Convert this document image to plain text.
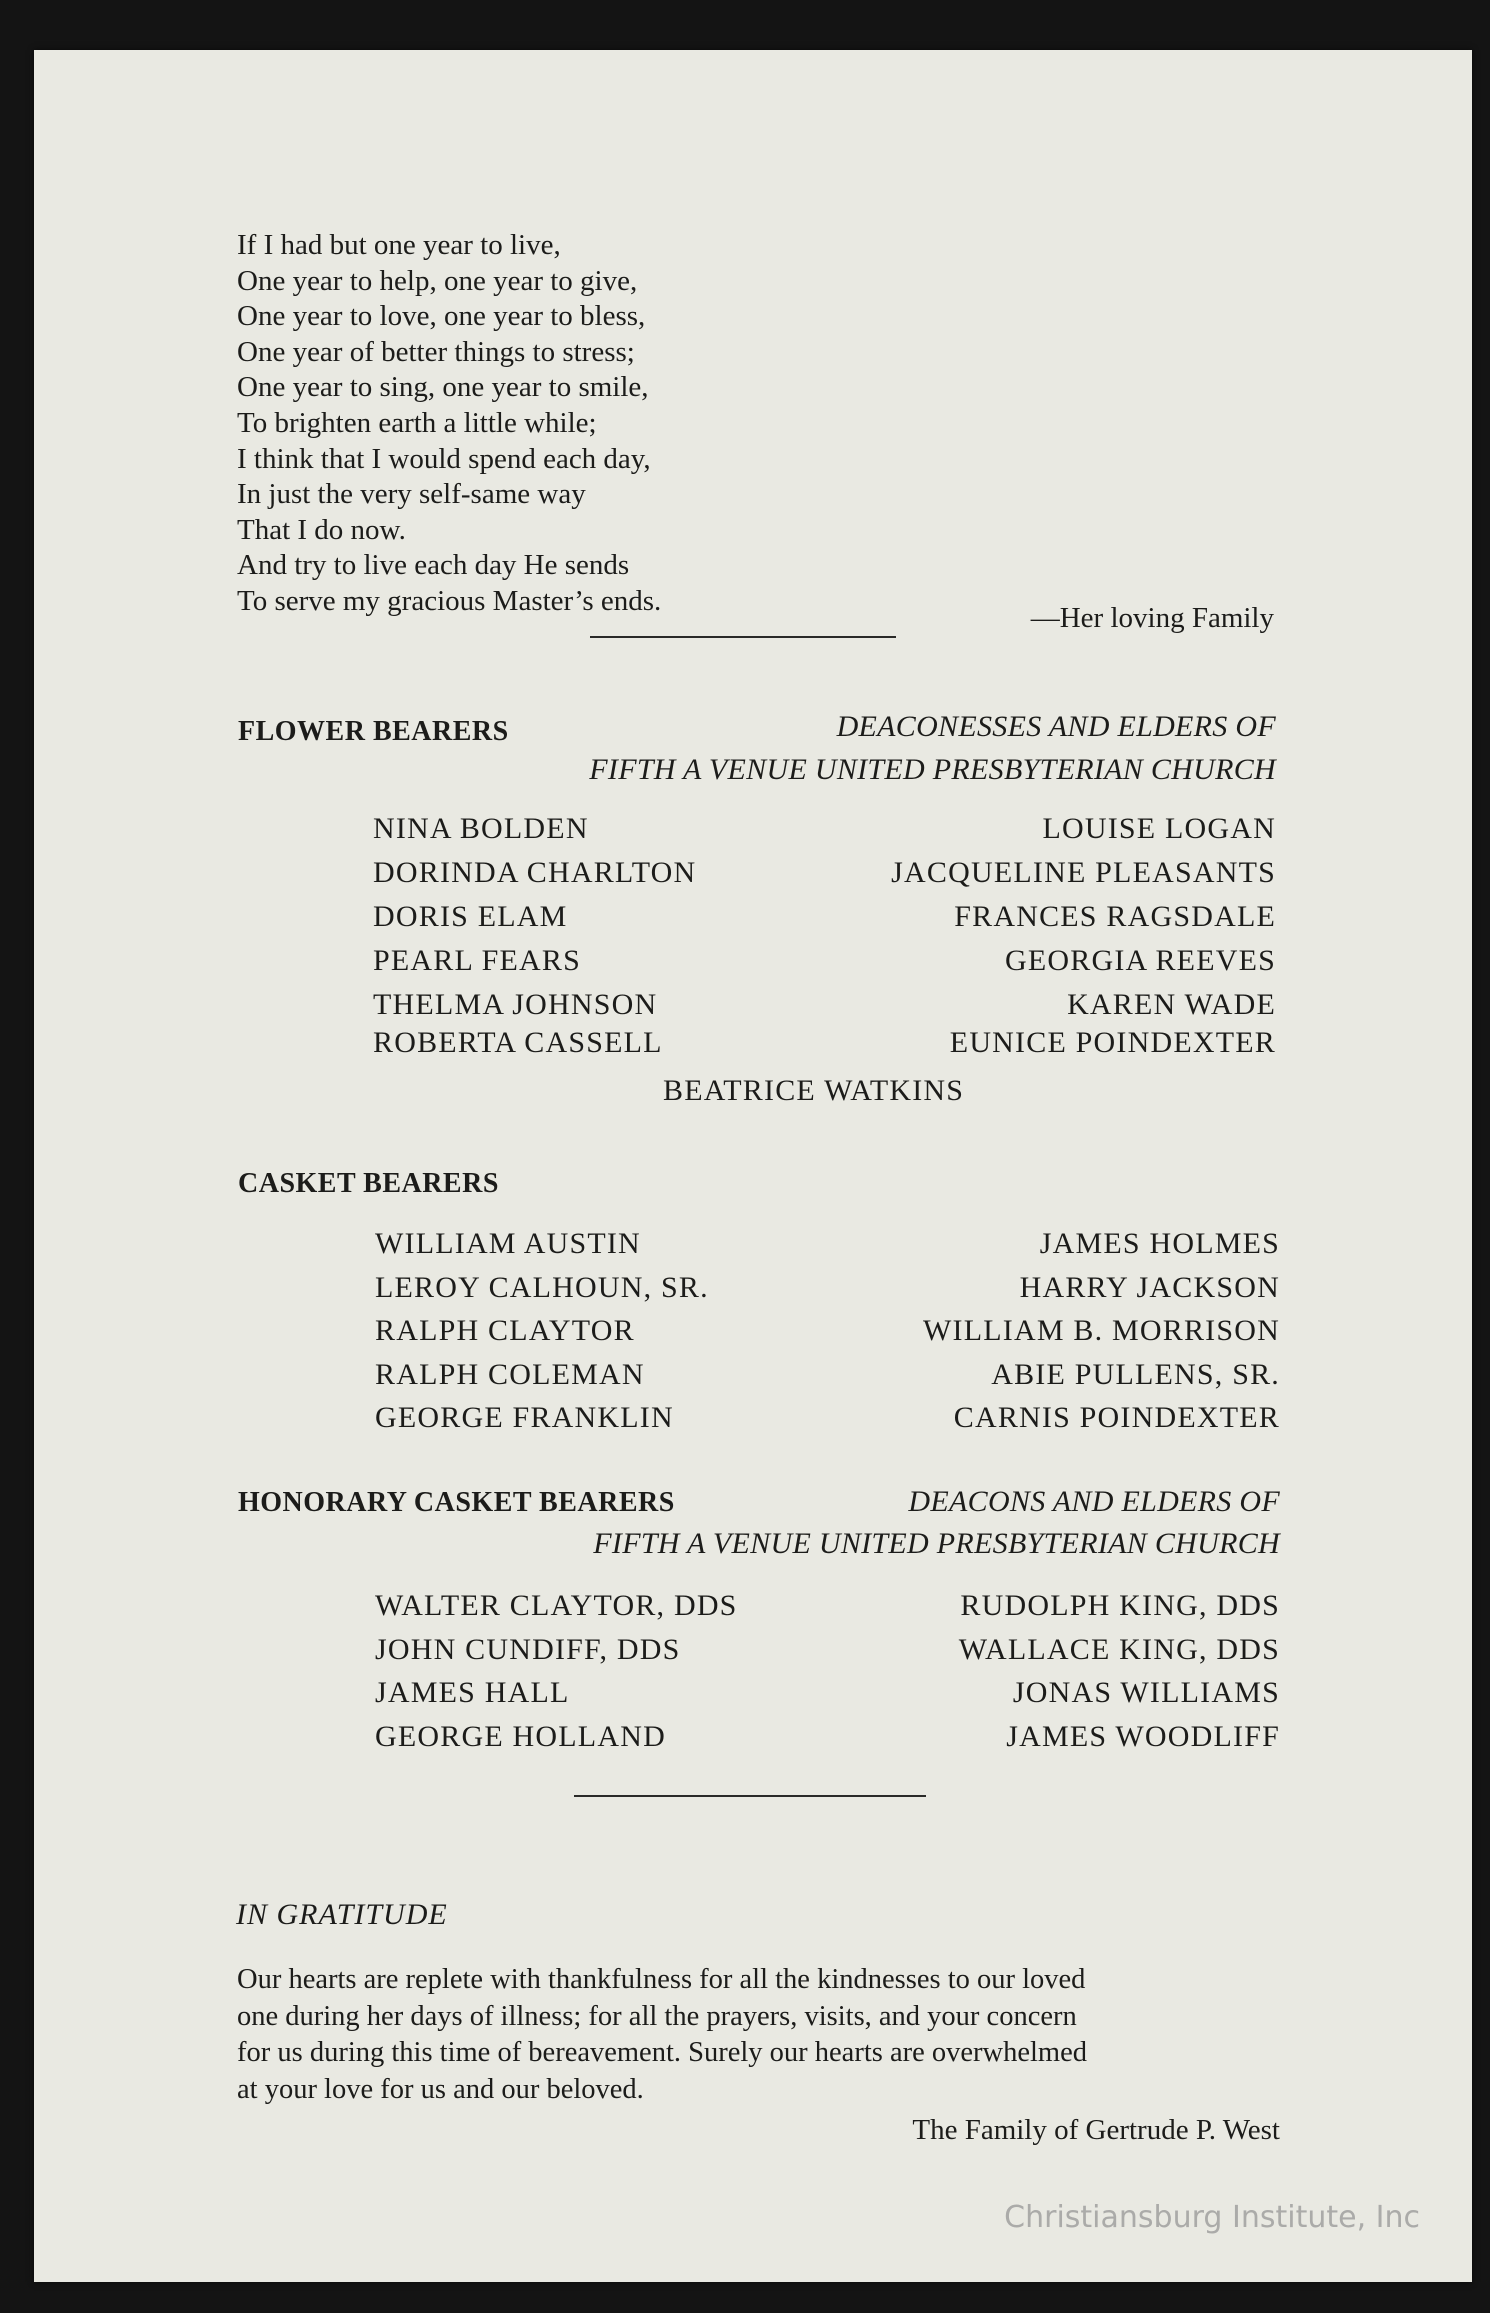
If I had but one year to live,
One year to help, one year to give,
One year to love, one year to bless,
One year of better things to stress;
One year to sing, one year to smile,
To brighten earth a little while;
I think that I would spend each day,
In just the very self-same way
That I do now.
And try to live each day He sends
To serve my gracious Master’s ends.
—Her loving Family
FLOWER BEARERS	DEACONESSES AND ELDERS OF
FIFTH A VENUE UNITED PRESBYTERIAN CHURCH
NINA BOLDEN
DORINDA CHARLTON
DORIS ELAM
PEARL FEARS
THELMA JOHNSON
ROBERTA CASSELL
LOUISE LOGAN
JACQUELINE PLEASANTS
FRANCES RAGSDALE
GEORGIA REEVES
KAREN WADE
EUNICE POINDEXTER
BEATRICE WATKINS
CASKET BEARERS
WILLIAM AUSTIN
LEROY CALHOUN, SR.
RALPH CLAYTOR
RALPH COLEMAN
GEORGE FRANKLIN
JAMES HOLMES
HARRY JACKSON
WILLIAM B. MORRISON
ABIE PULLENS, SR.
CARNIS POINDEXTER
HONORARY CASKET BEARERS	DEACONS AND ELDERS OF
FIFTH A VENUE UNITED PRESBYTERIAN CHURCH
WALTER CLAYTOR, DDS
JOHN CUNDIFF, DDS
JAMES HALL
GEORGE HOLLAND
RUDOLPH KING, DDS
WALLACE KING, DDS
JONAS WILLIAMS
JAMES WOODLIFF
IN GRATITUDE
Our hearts are replete with thankfulness for all the kindnesses to our loved
one during her days of illness; for all the prayers, visits, and your concern
for us during this time of bereavement. Surely our hearts are overwhelmed
at your love for us and our beloved.
The Family of Gertrude P. West
Christiansburg Institute, Inc
